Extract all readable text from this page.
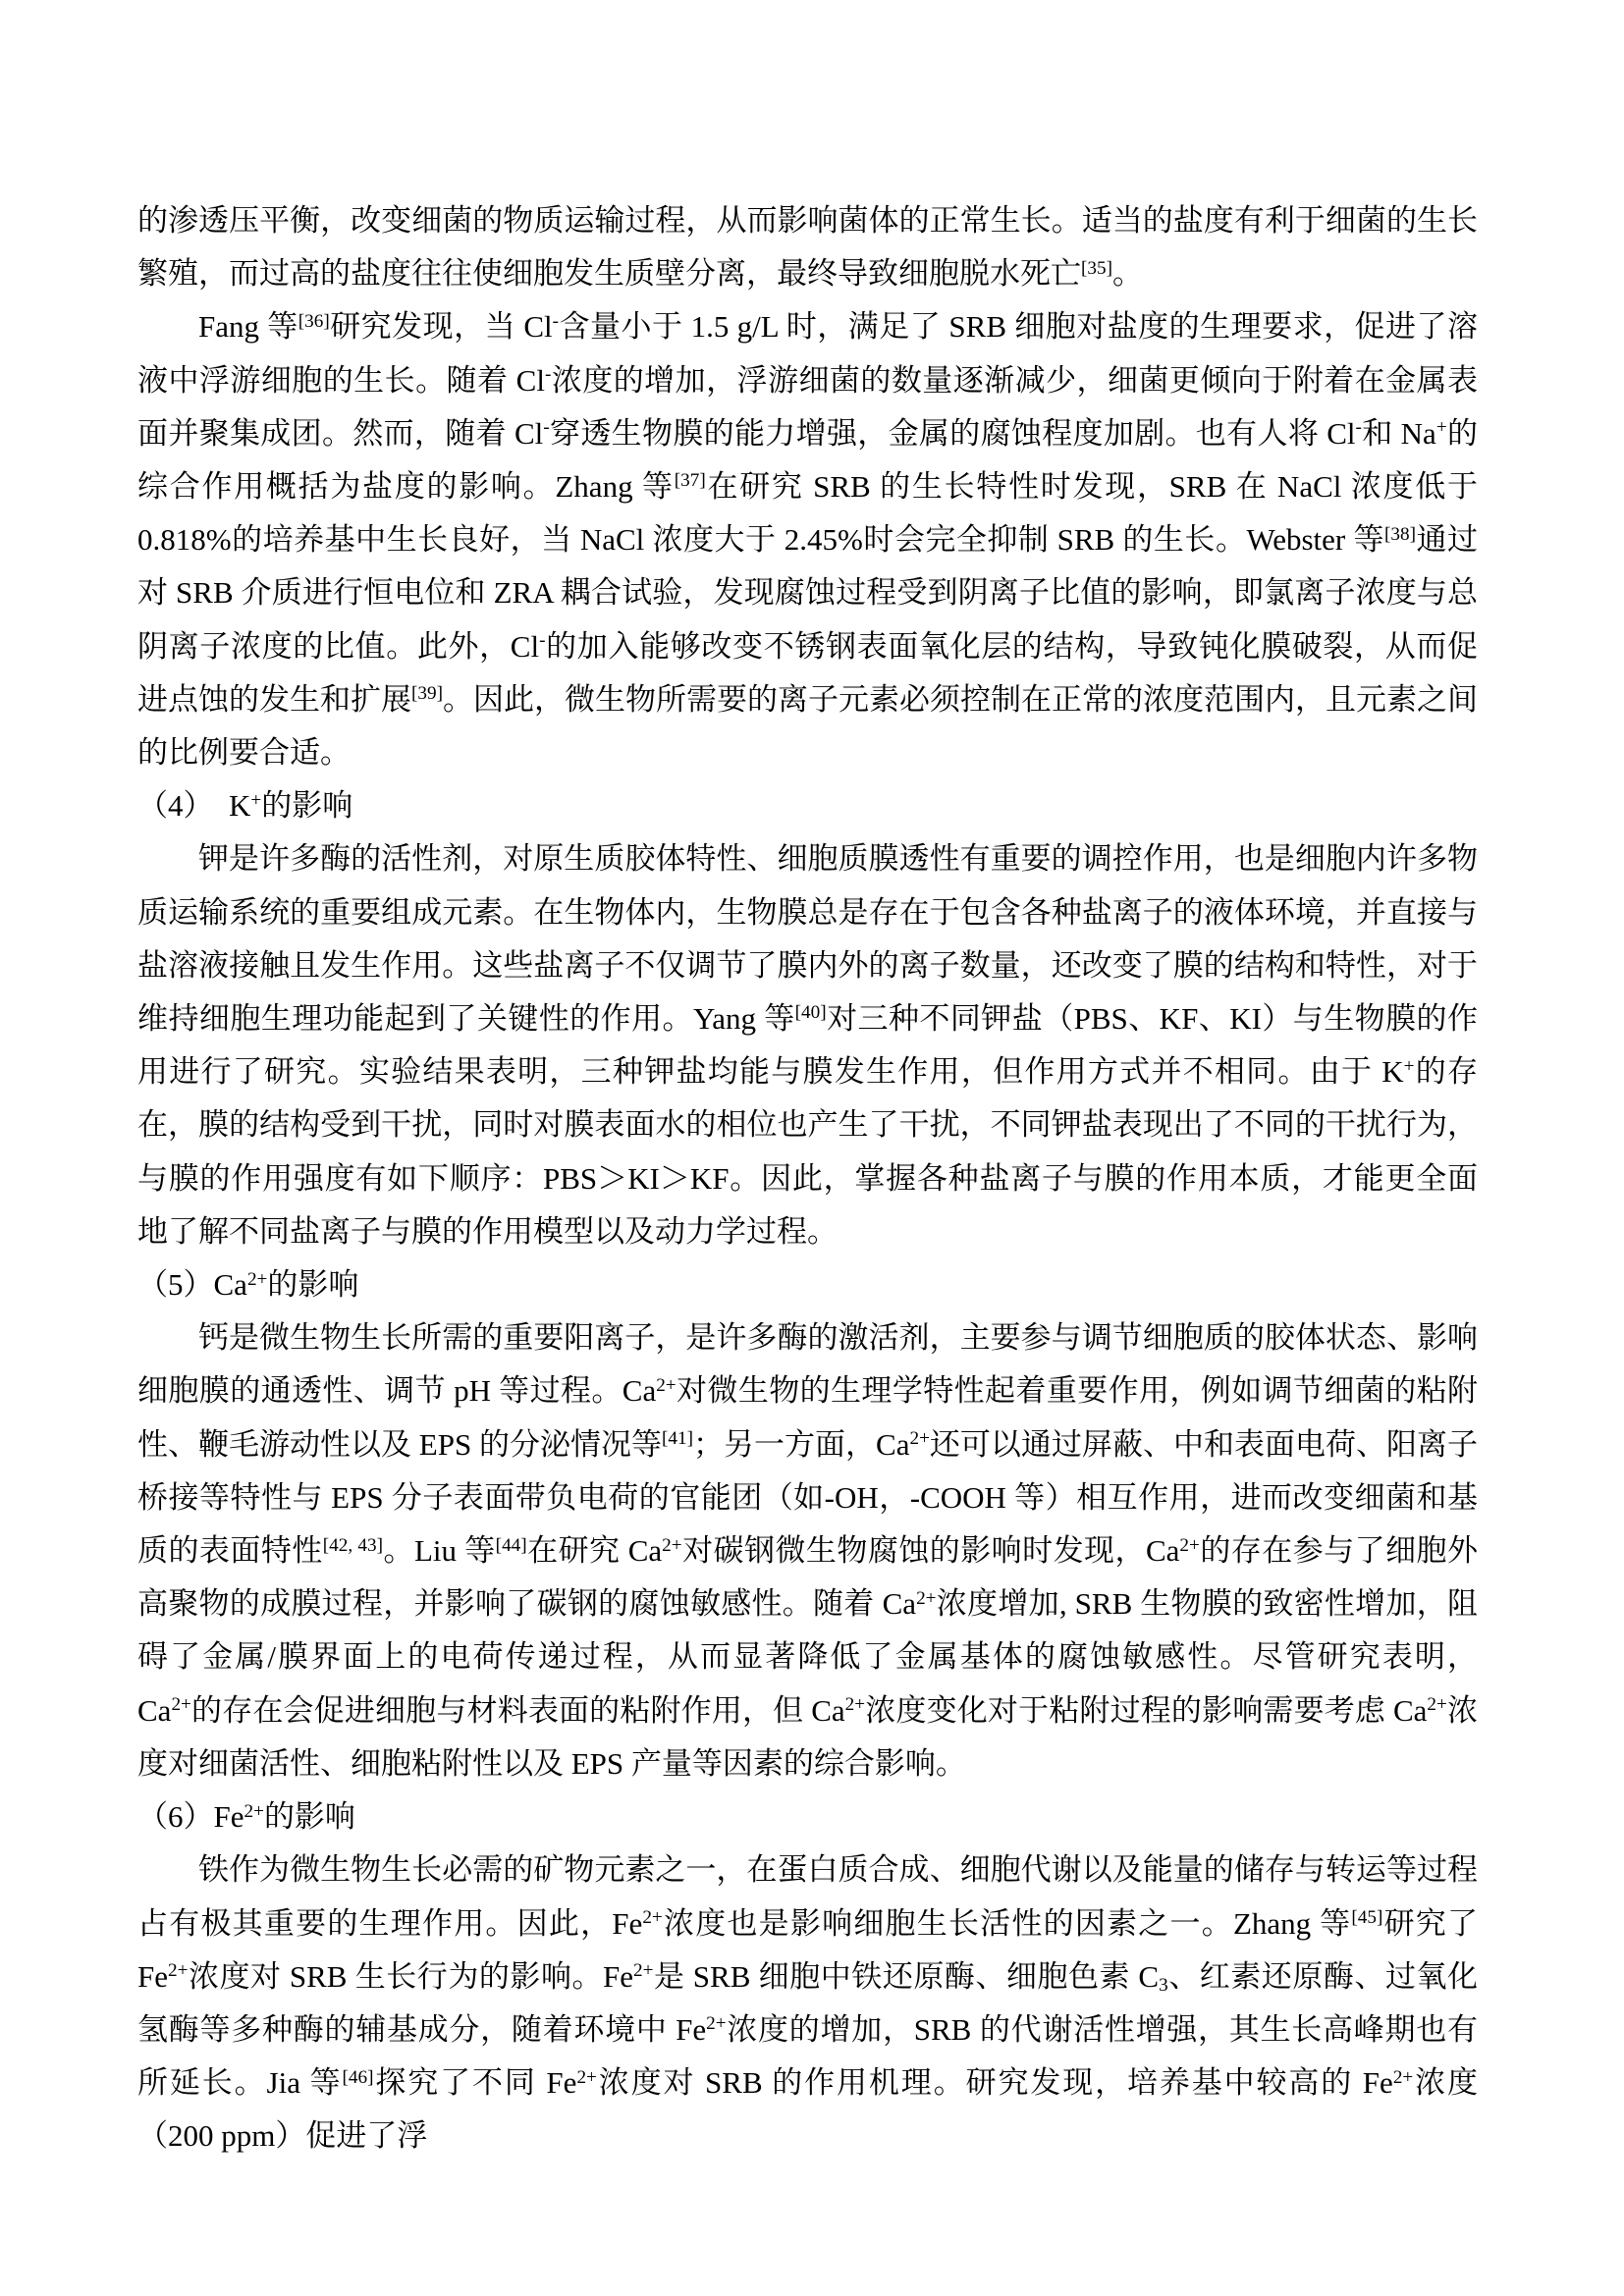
的渗透压平衡，改变细菌的物质运输过程，从而影响菌体的正常生长。适当的盐度有利于细菌的生长繁殖，而过高的盐度往往使细胞发生质壁分离，最终导致细胞脱水死亡[35]。

Fang 等[36]研究发现，当 Cl-含量小于 1.5 g/L 时，满足了 SRB 细胞对盐度的生理要求，促进了溶液中浮游细胞的生长。随着 Cl-浓度的增加，浮游细菌的数量逐渐减少，细菌更倾向于附着在金属表面并聚集成团。然而，随着 Cl-穿透生物膜的能力增强，金属的腐蚀程度加剧。也有人将 Cl-和 Na+的综合作用概括为盐度的影响。Zhang 等[37]在研究 SRB 的生长特性时发现，SRB 在 NaCl 浓度低于 0.818%的培养基中生长良好，当 NaCl 浓度大于 2.45%时会完全抑制 SRB 的生长。Webster 等[38]通过对 SRB 介质进行恒电位和 ZRA 耦合试验，发现腐蚀过程受到阴离子比值的影响，即氯离子浓度与总阴离子浓度的比值。此外，Cl-的加入能够改变不锈钢表面氧化层的结构，导致钝化膜破裂，从而促进点蚀的发生和扩展[39]。因此，微生物所需要的离子元素必须控制在正常的浓度范围内，且元素之间的比例要合适。

（4）　K+的影响

钾是许多酶的活性剂，对原生质胶体特性、细胞质膜透性有重要的调控作用，也是细胞内许多物质运输系统的重要组成元素。在生物体内，生物膜总是存在于包含各种盐离子的液体环境，并直接与盐溶液接触且发生作用。这些盐离子不仅调节了膜内外的离子数量，还改变了膜的结构和特性，对于维持细胞生理功能起到了关键性的作用。Yang 等[40]对三种不同钾盐（PBS、KF、KI）与生物膜的作用进行了研究。实验结果表明，三种钾盐均能与膜发生作用，但作用方式并不相同。由于 K+的存在，膜的结构受到干扰，同时对膜表面水的相位也产生了干扰，不同钾盐表现出了不同的干扰行为，与膜的作用强度有如下顺序：PBS＞KI＞KF。因此，掌握各种盐离子与膜的作用本质，才能更全面地了解不同盐离子与膜的作用模型以及动力学过程。

$(5)Ca^{2+}$的影响

钙是微生物生长所需的重要阳离子，是许多酶的激活剂，主要参与调节细胞质的胶体状态、影响细胞膜的通透性、调节 pH 等过程。$Ca^{2+}$对微生物的生理学特性起着重要作用，例如调节细菌的粘附性、鞭毛游动性以及 EPS 的分泌情况等[41]；另一方面，$Ca^{2+}$还可以通过屏蔽、中和表面电荷、阳离子桥接等特性与 EPS 分子表面带负电荷的官能团（如-OH，-COOH 等）相互作用，进而改变细菌和基质的表面特性[42, 43]。Liu 等[44]在研究 $Ca^{2+}$对碳钢微生物腐蚀的影响时发现，$Ca^{2+}$的存在参与了细胞外高聚物的成膜过程，并影响了碳钢的腐蚀敏感性。随着 $Ca^{2+}$浓度增加, SRB 生物膜的致密性增加，阻碍了金属/膜界面上的电荷传递过程，从而显著降低了金属基体的腐蚀敏感性。尽管研究表明，$Ca^{2+}$的存在会促进细胞与材料表面的粘附作用，但 $Ca^{2+}$浓度变化对于粘附过程的影响需要考虑 $Ca^{2+}$浓度对细菌活性、细胞粘附性以及 EPS 产量等因素的综合影响。

$(6)Fe^{2+}$的影响

铁作为微生物生长必需的矿物元素之一，在蛋白质合成、细胞代谢以及能量的储存与转运等过程占有极其重要的生理作用。因此，$Fe^{2+}$浓度也是影响细胞生长活性的因素之一。Zhang 等[45]研究了 $Fe^{2+}$浓度对 SRB 生长行为的影响。$Fe^{2+}$是 SRB 细胞中铁还原酶、细胞色素 $C_3$、红素还原酶、过氧化氢酶等多种酶的辅基成分，随着环境中 $Fe^{2+}$浓度的增加，SRB 的代谢活性增强，其生长高峰期也有所延长。Jia 等[46]探究了不同 $Fe^{2+}$浓度对 SRB 的作用机理。研究发现，培养基中较高的 $Fe^{2+}$浓度（200 ppm）促进了浮
